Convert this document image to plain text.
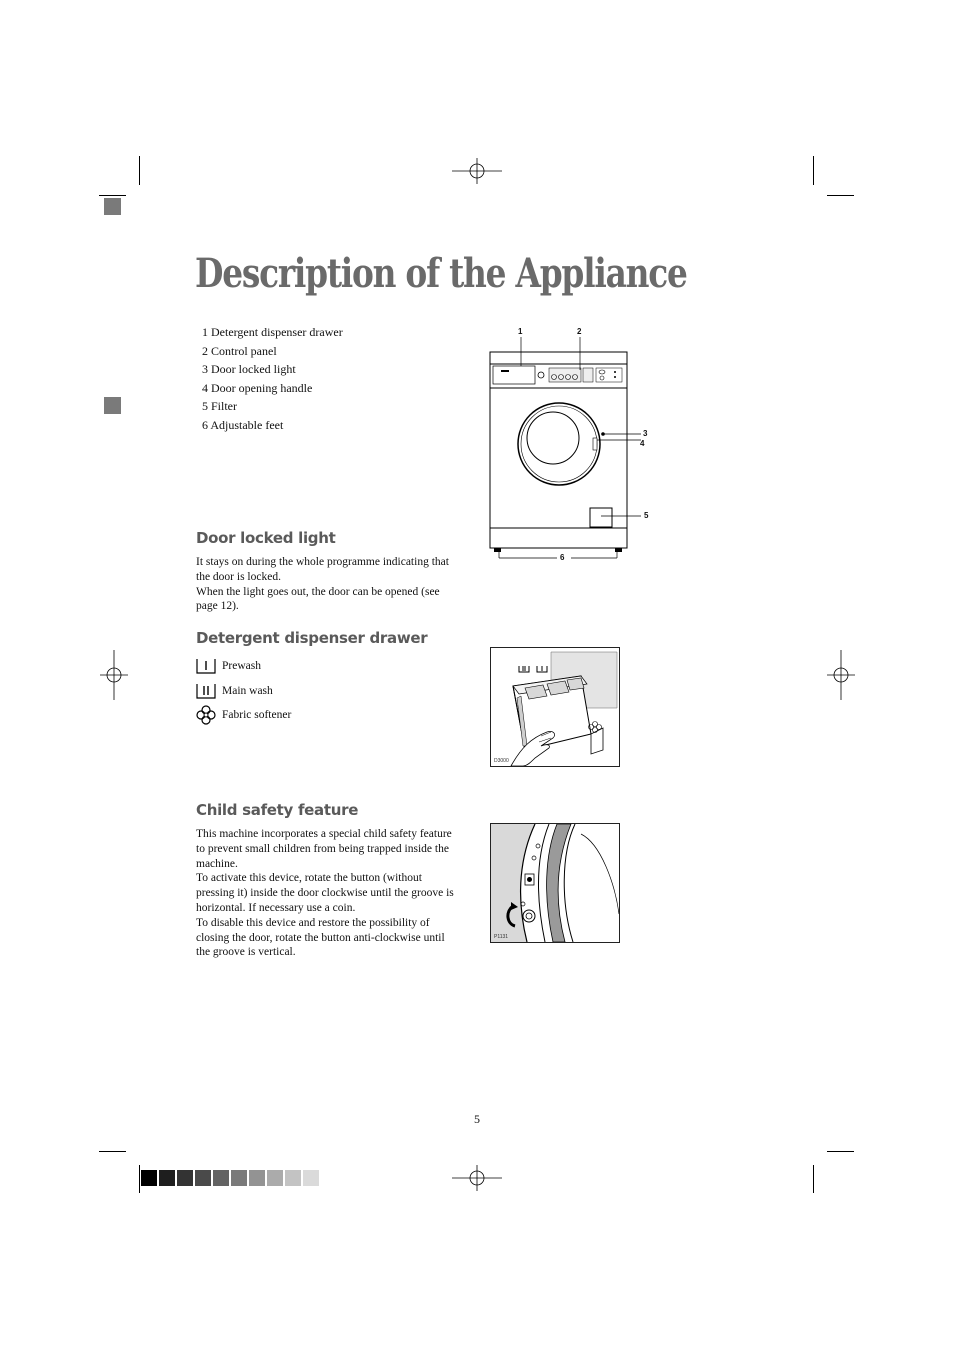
Description of the Appliance
1 Detergent dispenser drawer
2 Control panel
3 Door locked light
4 Door opening handle
5 Filter
6 Adjustable feet
1	2
3
4
5
6
Door locked light
It stays on during the whole programme indicating that
the door is locked.
When the light goes out, the door can be opened (see
page 12).
Detergent dispenser drawer
Prewash
Main wash
Fabric softener
D3000
Child safety feature
This machine incorporates a special child safety feature
to prevent small children from being trapped inside the
machine.
To activate this device, rotate the button (without
pressing it) inside the door clockwise until the groove is
horizontal. If necessary use a coin.
To disable this device and restore the possibility of
closing the door, rotate the button anti-clockwise until
the groove is vertical.
P1131
5
